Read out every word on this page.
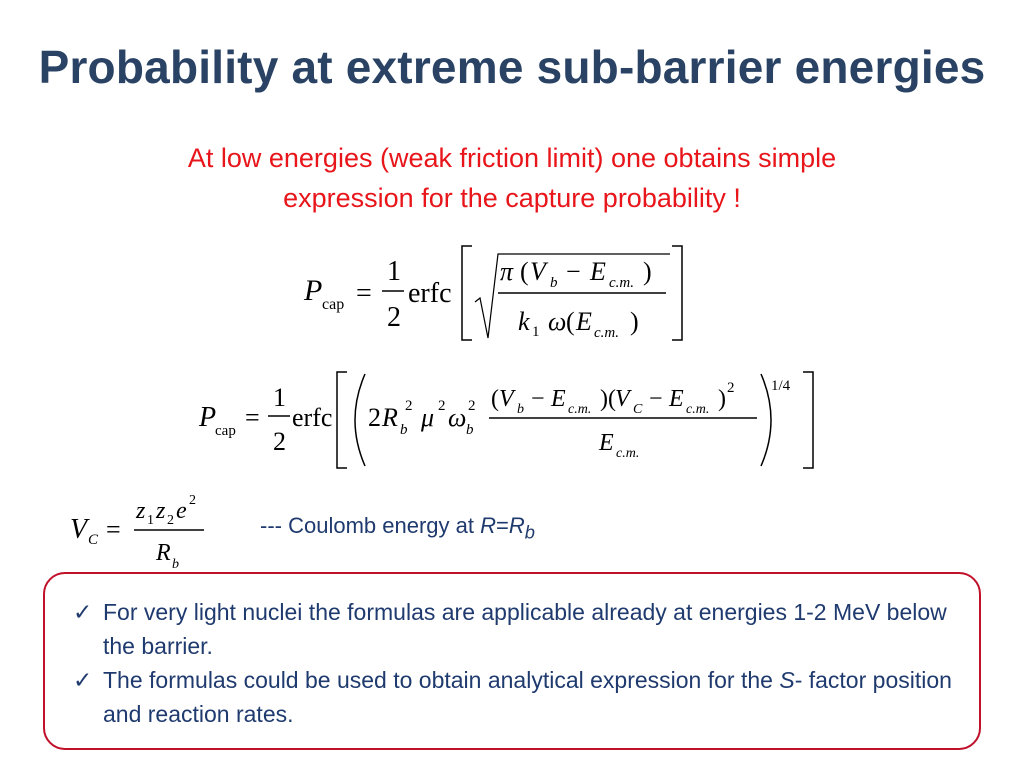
Probability at extreme sub-barrier energies
At low energies (weak friction limit) one obtains simple
expression for the capture probability !
P cap =
1
2
erfc
π ( V b − E c.m. )
k 1 ω ( E c.m. )
P
cap =
1
2
erfc 2 R b
2 μ 2 ω b
2 ( V b − E c.m. )( V C − E c.m. ) 2
E c.m.
1/4
V C =
z 1 z 2 e 2
R b
--- Coulomb energy at $R=R_b$
✓ For very light nuclei the formulas are applicable already at energies 1-2 MeV below the barrier.
✓ The formulas could be used to obtain analytical expression for the S- factor position and reaction rates.
